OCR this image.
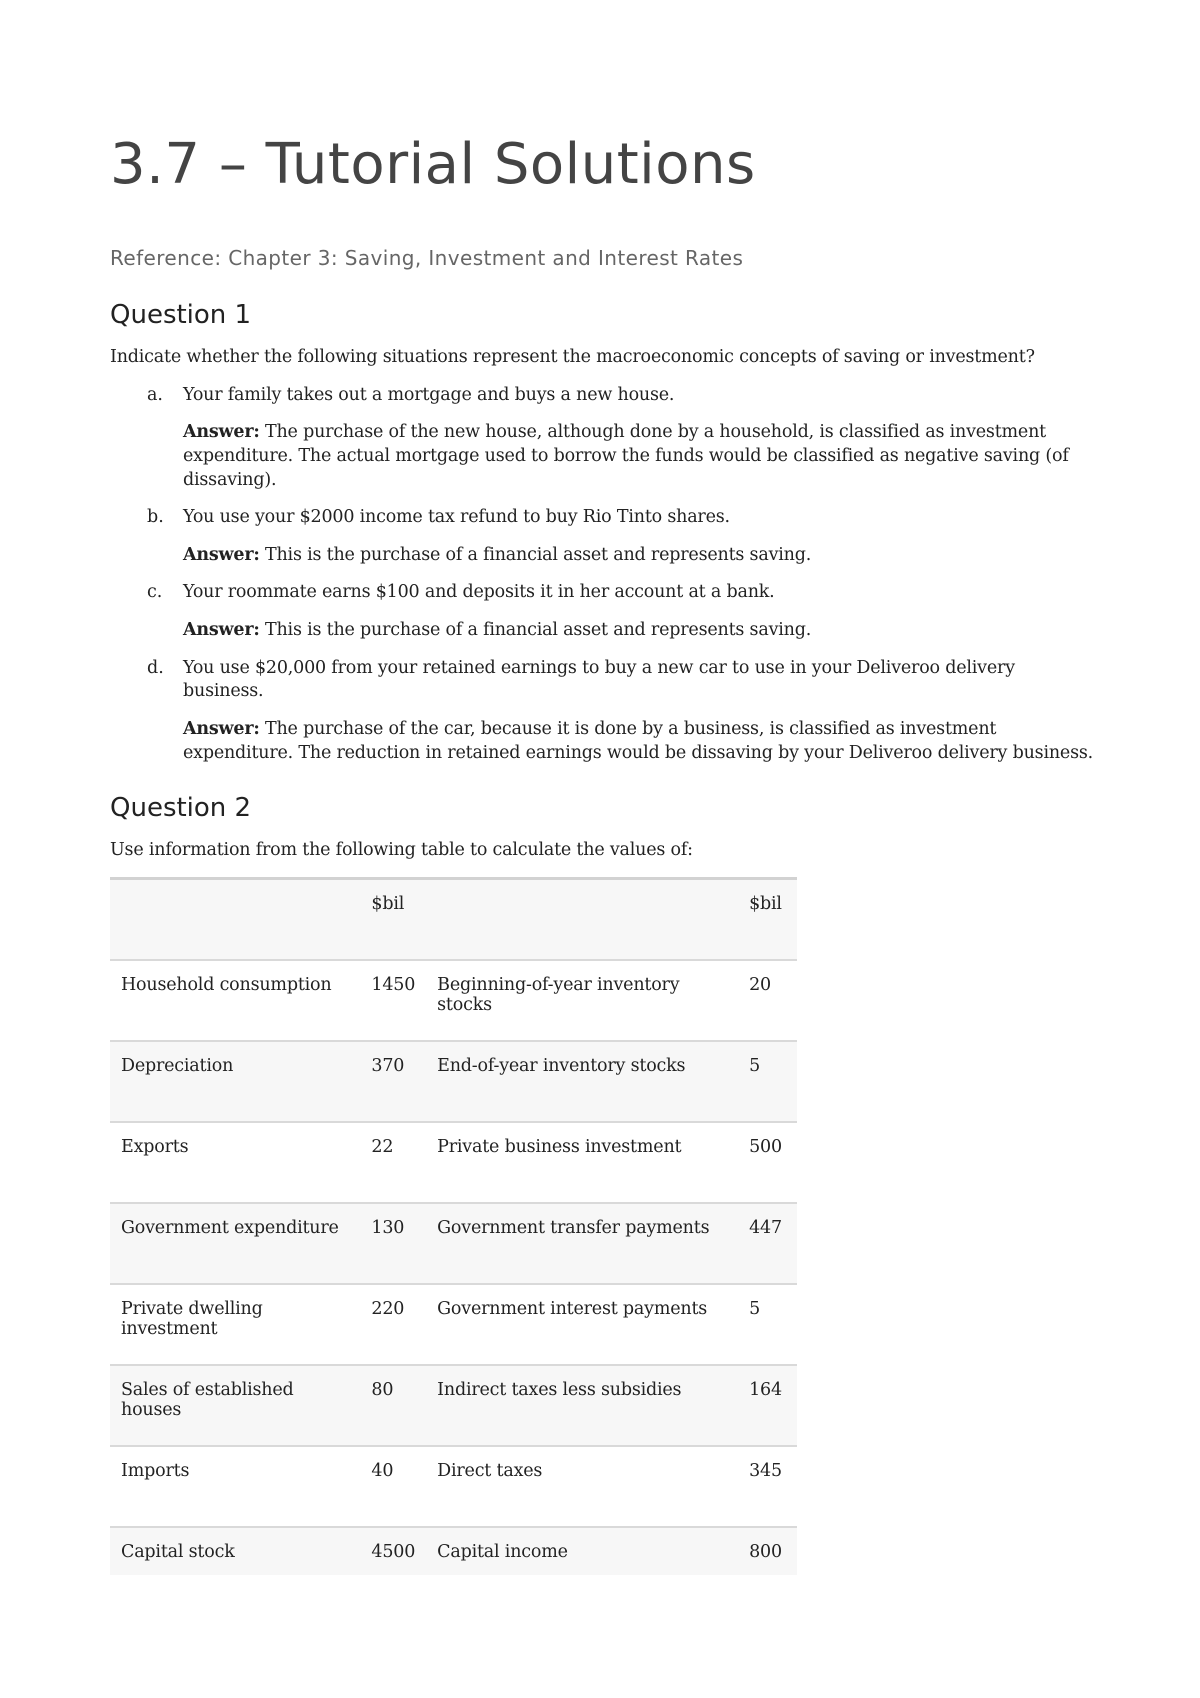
3.7 – Tutorial Solutions
Reference: Chapter 3: Saving, Investment and Interest Rates
Question 1

Indicate whether the following situations represent the macroeconomic concepts of saving or investment?

a. Your family takes out a mortgage and buys a new house.
Answer: The purchase of the new house, although done by a household, is classified as investment expenditure. The actual mortgage used to borrow the funds would be classified as negative saving (of dissaving).
b. You use your $2000 income tax refund to buy Rio Tinto shares.
Answer: This is the purchase of a financial asset and represents saving.
c. Your roommate earns $100 and deposits it in her account at a bank.
Answer: This is the purchase of a financial asset and represents saving.
d. You use $20,000 from your retained earnings to buy a new car to use in your Deliveroo delivery business.
Answer: The purchase of the car, because it is done by a business, is classified as investment expenditure. The reduction in retained earnings would be dissaving by your Deliveroo delivery business.
Question 2

Use information from the following table to calculate the values of:

	$bil		$bil
Household consumption	1450	Beginning-of-year inventory stocks	20
Depreciation	370	End-of-year inventory stocks	5
Exports	22	Private business investment	500
Government expenditure	130	Government transfer payments	447
Private dwelling investment	220	Government interest payments	5
Sales of established houses	80	Indirect taxes less subsidies	164
Imports	40	Direct taxes	345
Capital stock	4500	Capital income	800
